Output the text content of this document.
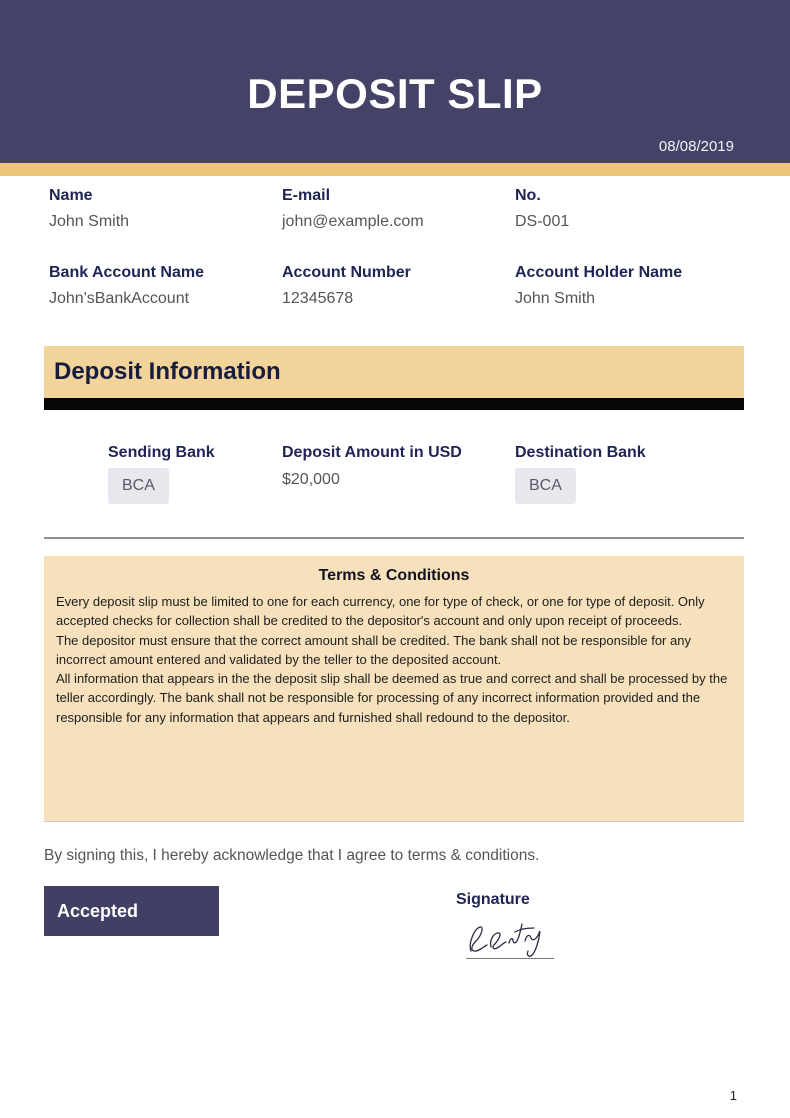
DEPOSIT SLIP
08/08/2019
Name
John Smith
E-mail
john@example.com
No.
DS-001
Bank Account Name
John'sBankAccount
Account Number
12345678
Account Holder Name
John Smith
Deposit Information
Sending Bank
BCA
Deposit Amount in USD
$20,000
Destination Bank
BCA
Terms & Conditions

Every deposit slip must be limited to one for each currency, one for type of check, or one for type of deposit. Only accepted checks for collection shall be credited to the depositor's account and only upon receipt of proceeds.

The depositor must ensure that the correct amount shall be credited. The bank shall not be responsible for any incorrect amount entered and validated by the teller to the deposited account.

All information that appears in the the deposit slip shall be deemed as true and correct and shall be processed by the teller accordingly. The bank shall not be responsible for processing of any incorrect information provided and the responsible for any information that appears and furnished shall redound to the depositor.

By signing this, I hereby acknowledge that I agree to terms & conditions.

Accepted
Signature
1
